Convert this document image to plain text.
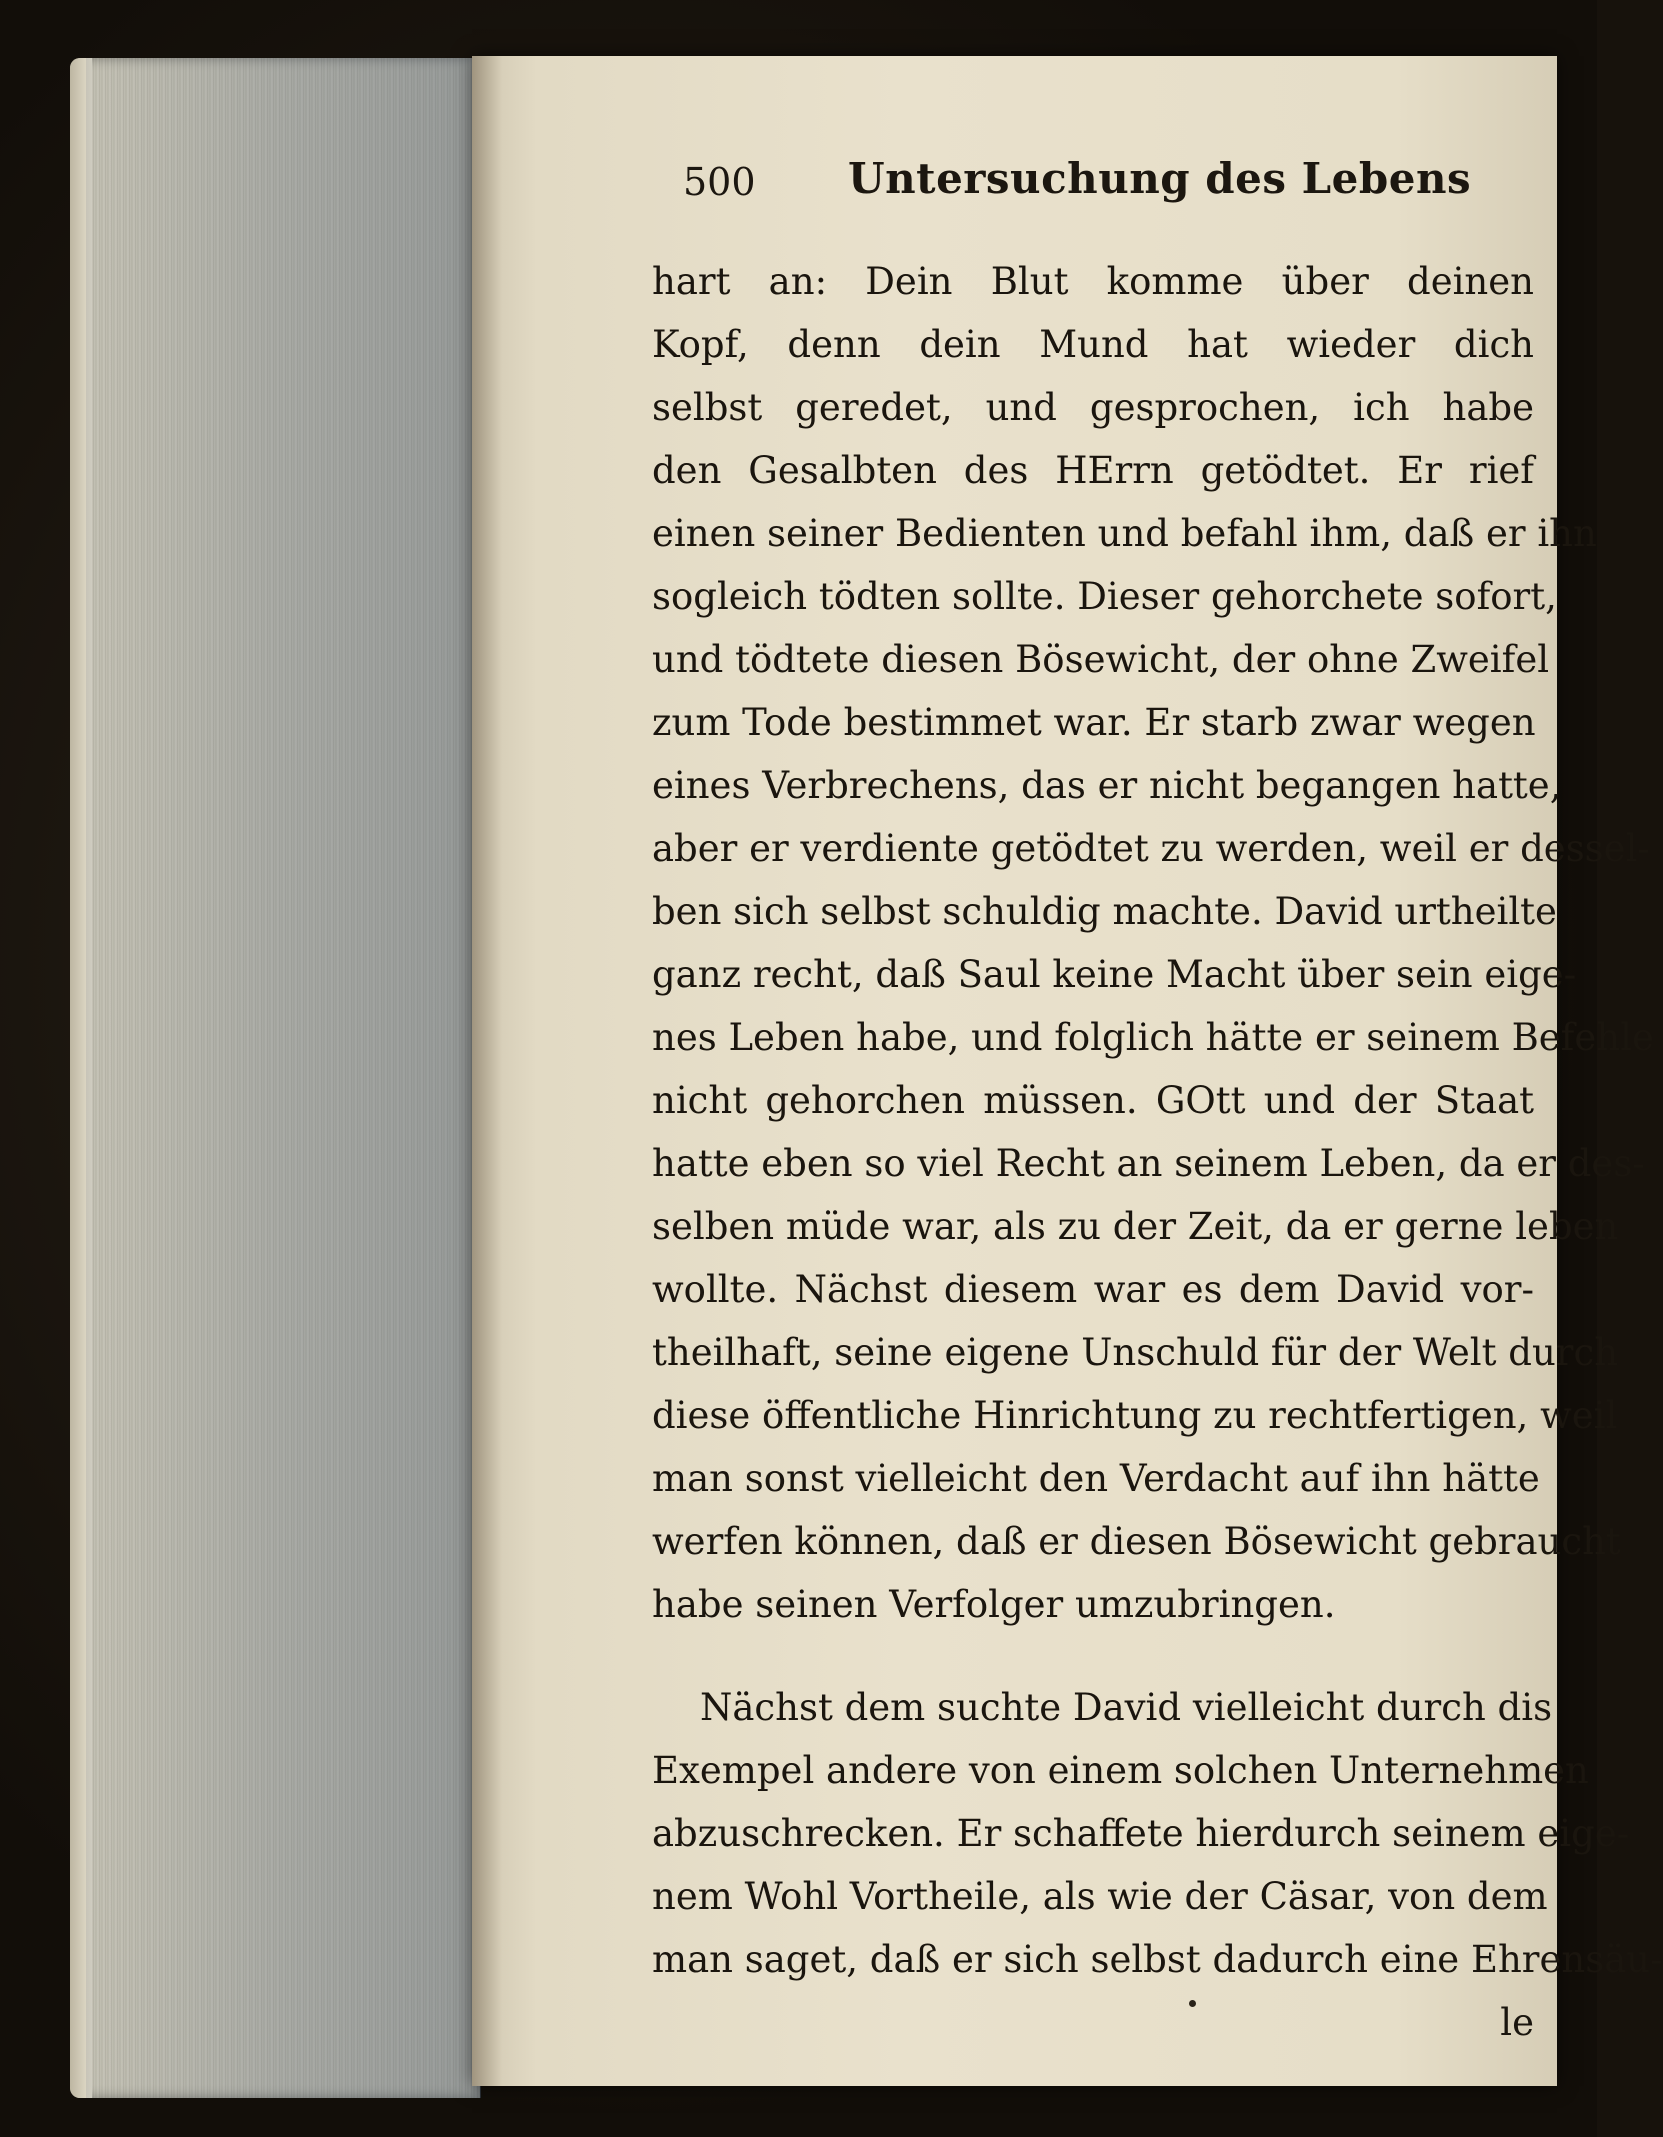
500 Untersuchung des Lebens
hart an: Dein Blut komme über deinen
Kopf, denn dein Mund hat wieder dich
selbst geredet, und gesprochen, ich habe
den Gesalbten des HErrn getödtet. Er rief
einen seiner Bedienten und befahl ihm, daß er ihn
sogleich tödten sollte. Dieser gehorchete sofort,
und tödtete diesen Bösewicht, der ohne Zweifel
zum Tode bestimmet war. Er starb zwar wegen
eines Verbrechens, das er nicht begangen hatte,
aber er verdiente getödtet zu werden, weil er dessel-
ben sich selbst schuldig machte. David urtheilte
ganz recht, daß Saul keine Macht über sein eige-
nes Leben habe, und folglich hätte er seinem Befehle
nicht gehorchen müssen. GOtt und der Staat
hatte eben so viel Recht an seinem Leben, da er des-
selben müde war, als zu der Zeit, da er gerne leben
wollte. Nächst diesem war es dem David vor-
theilhaft, seine eigene Unschuld für der Welt durch
diese öffentliche Hinrichtung zu rechtfertigen, weil
man sonst vielleicht den Verdacht auf ihn hätte
werfen können, daß er diesen Bösewicht gebraucht
habe seinen Verfolger umzubringen.
Nächst dem suchte David vielleicht durch dis
Exempel andere von einem solchen Unternehmen
abzuschrecken. Er schaffete hierdurch seinem eige-
nem Wohl Vortheile, als wie der Cäsar, von dem
man saget, daß er sich selbst dadurch eine Ehrensäu-
le
